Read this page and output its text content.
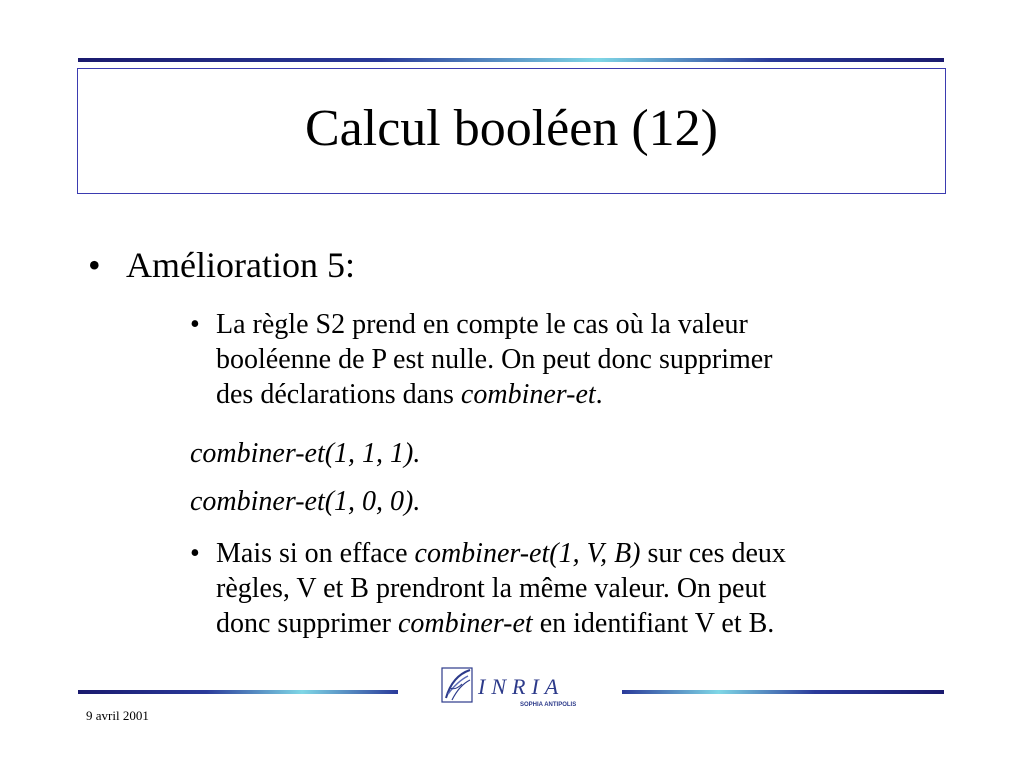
Calcul booléen (12)
• Amélioration 5:
• La règle S2 prend en compte le cas où la valeur
booléenne de P est nulle. On peut donc supprimer
des déclarations dans combiner-et.
combiner-et(1, 1, 1).
combiner-et(1, 0, 0).
• Mais si on efface combiner-et(1, V, B) sur ces deux
règles, V et B prendront la même valeur. On peut
donc supprimer combiner-et en identifiant V et B.
INRIA
SOPHIA ANTIPOLIS
9 avril 2001
